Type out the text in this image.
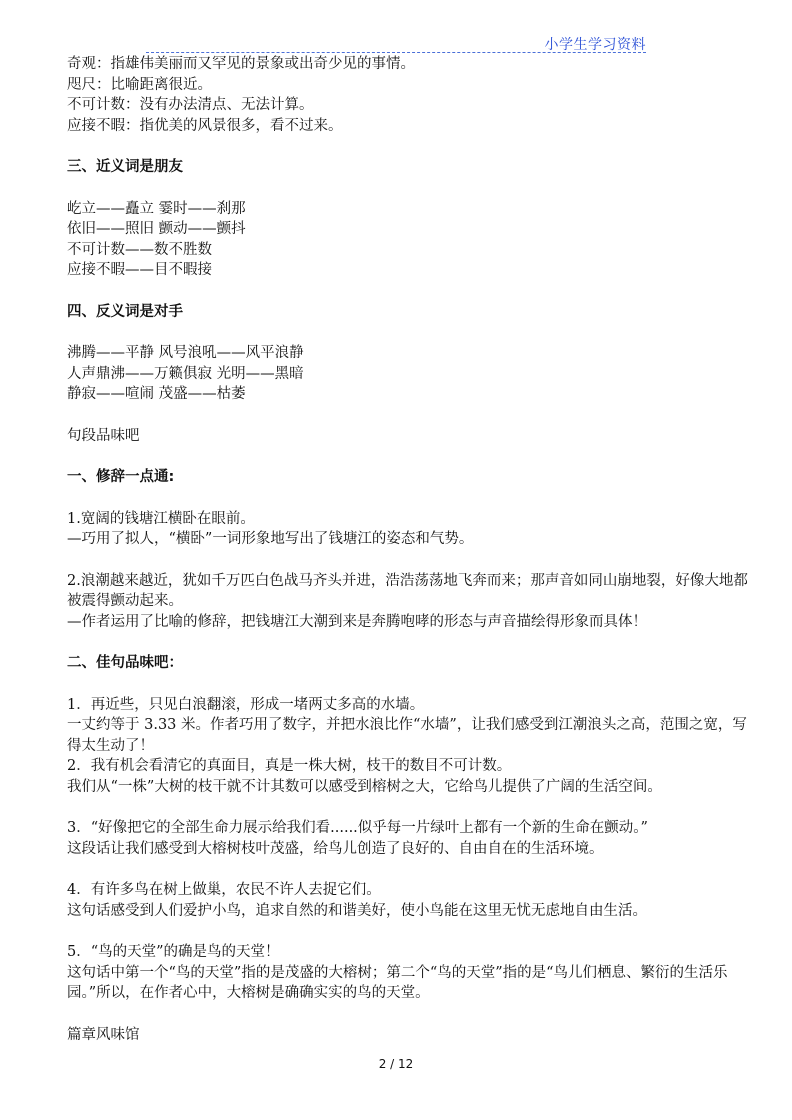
小学生学习资料
奇观：指雄伟美丽而又罕见的景象或出奇少见的事情。
咫尺：比喻距离很近。
不可计数：没有办法清点、无法计算。
应接不暇：指优美的风景很多，看不过来。
三、近义词是朋友
屹立——矗立 霎时——刹那
依旧——照旧 颤动——颤抖
不可计数——数不胜数
应接不暇——目不暇接
四、反义词是对手
沸腾——平静 风号浪吼——风平浪静
人声鼎沸——万籁俱寂 光明——黑暗
静寂——喧闹 茂盛——枯萎
句段品味吧
一、修辞一点通:
1.宽阔的钱塘江横卧在眼前。
—巧用了拟人，“横卧”一词形象地写出了钱塘江的姿态和气势。
2.浪潮越来越近，犹如千万匹白色战马齐头并进，浩浩荡荡地飞奔而来；那声音如同山崩地裂，好像大地都被震得颤动起来。
—作者运用了比喻的修辞，把钱塘江大潮到来是奔腾咆哮的形态与声音描绘得形象而具体！
二、佳句品味吧：
1．再近些，只见白浪翻滚，形成一堵两丈多高的水墙。
一丈约等于 3.33 米。作者巧用了数字，并把水浪比作“水墙”，让我们感受到江潮浪头之高，范围之宽，写得太生动了！
2．我有机会看清它的真面目，真是一株大树，枝干的数目不可计数。
我们从“一株”大树的枝干就不计其数可以感受到榕树之大，它给鸟儿提供了广阔的生活空间。
3．“好像把它的全部生命力展示给我们看......似乎每一片绿叶上都有一个新的生命在颤动。”
这段话让我们感受到大榕树枝叶茂盛，给鸟儿创造了良好的、自由自在的生活环境。
4．有许多鸟在树上做巢，农民不许人去捉它们。
这句话感受到人们爱护小鸟，追求自然的和谐美好，使小鸟能在这里无忧无虑地自由生活。
5．“鸟的天堂”的确是鸟的天堂！
这句话中第一个“鸟的天堂”指的是茂盛的大榕树；第二个“鸟的天堂”指的是“鸟儿们栖息、繁衍的生活乐园。”所以，在作者心中，大榕树是确确实实的鸟的天堂。
篇章风味馆
2 / 12
